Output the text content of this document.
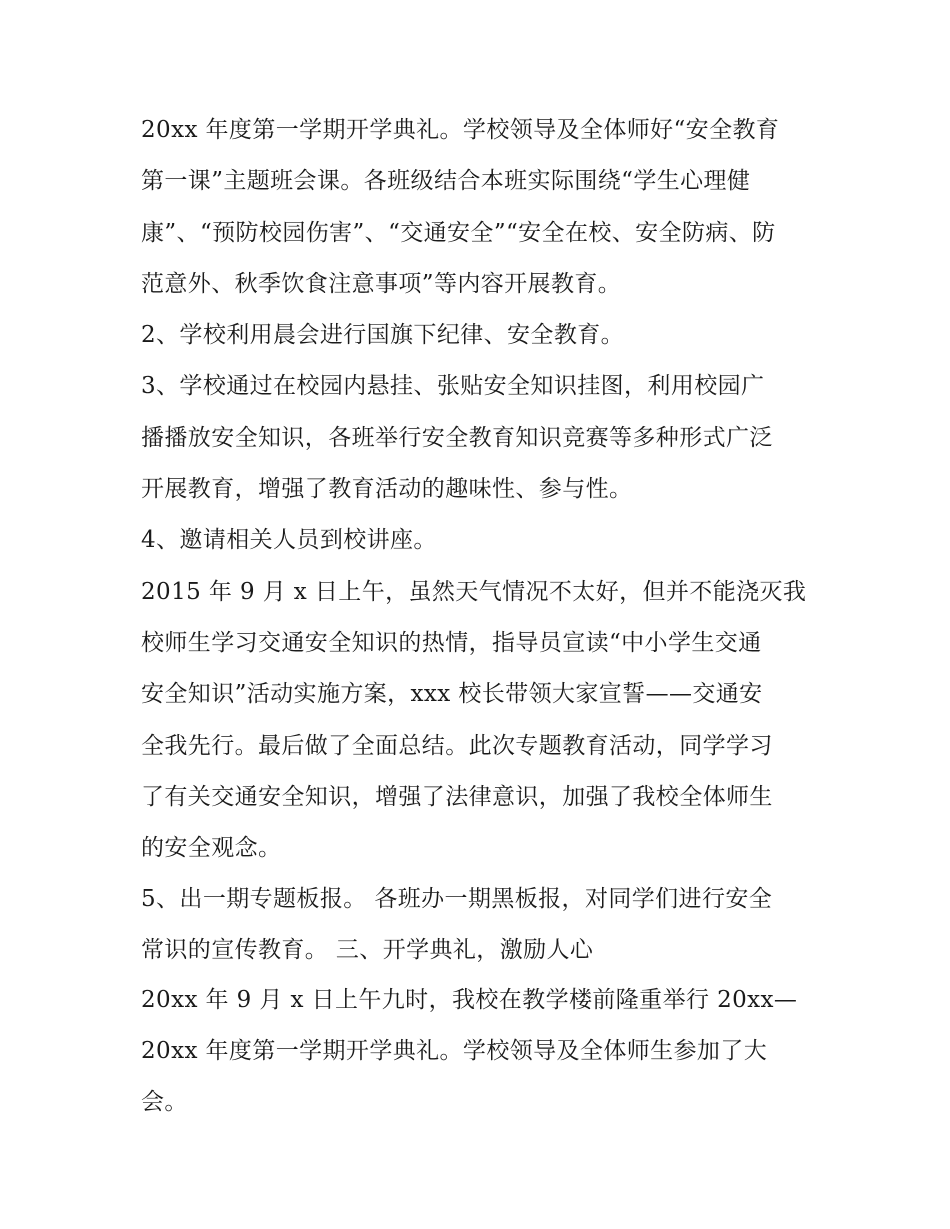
20xx 年度第一学期开学典礼。学校领导及全体师好“安全教育
第一课”主题班会课。各班级结合本班实际围绕“学生心理健
康”、“预防校园伤害”、“交通安全”“安全在校、安全防病、防
范意外、秋季饮食注意事项”等内容开展教育。
2、学校利用晨会进行国旗下纪律、安全教育。
3、学校通过在校园内悬挂、张贴安全知识挂图，利用校园广
播播放安全知识，各班举行安全教育知识竞赛等多种形式广泛
开展教育，增强了教育活动的趣味性、参与性。
4、邀请相关人员到校讲座。
2015 年 9 月 x 日上午，虽然天气情况不太好，但并不能浇灭我
校师生学习交通安全知识的热情，指导员宣读“中小学生交通
安全知识”活动实施方案，xxx 校长带领大家宣誓——交通安
全我先行。最后做了全面总结。此次专题教育活动，同学学习
了有关交通安全知识，增强了法律意识，加强了我校全体师生
的安全观念。
5、出一期专题板报。 各班办一期黑板报，对同学们进行安全
常识的宣传教育。 三、开学典礼，激励人心
20xx 年 9 月 x 日上午九时，我校在教学楼前隆重举行 20xx—
20xx 年度第一学期开学典礼。学校领导及全体师生参加了大
会。
